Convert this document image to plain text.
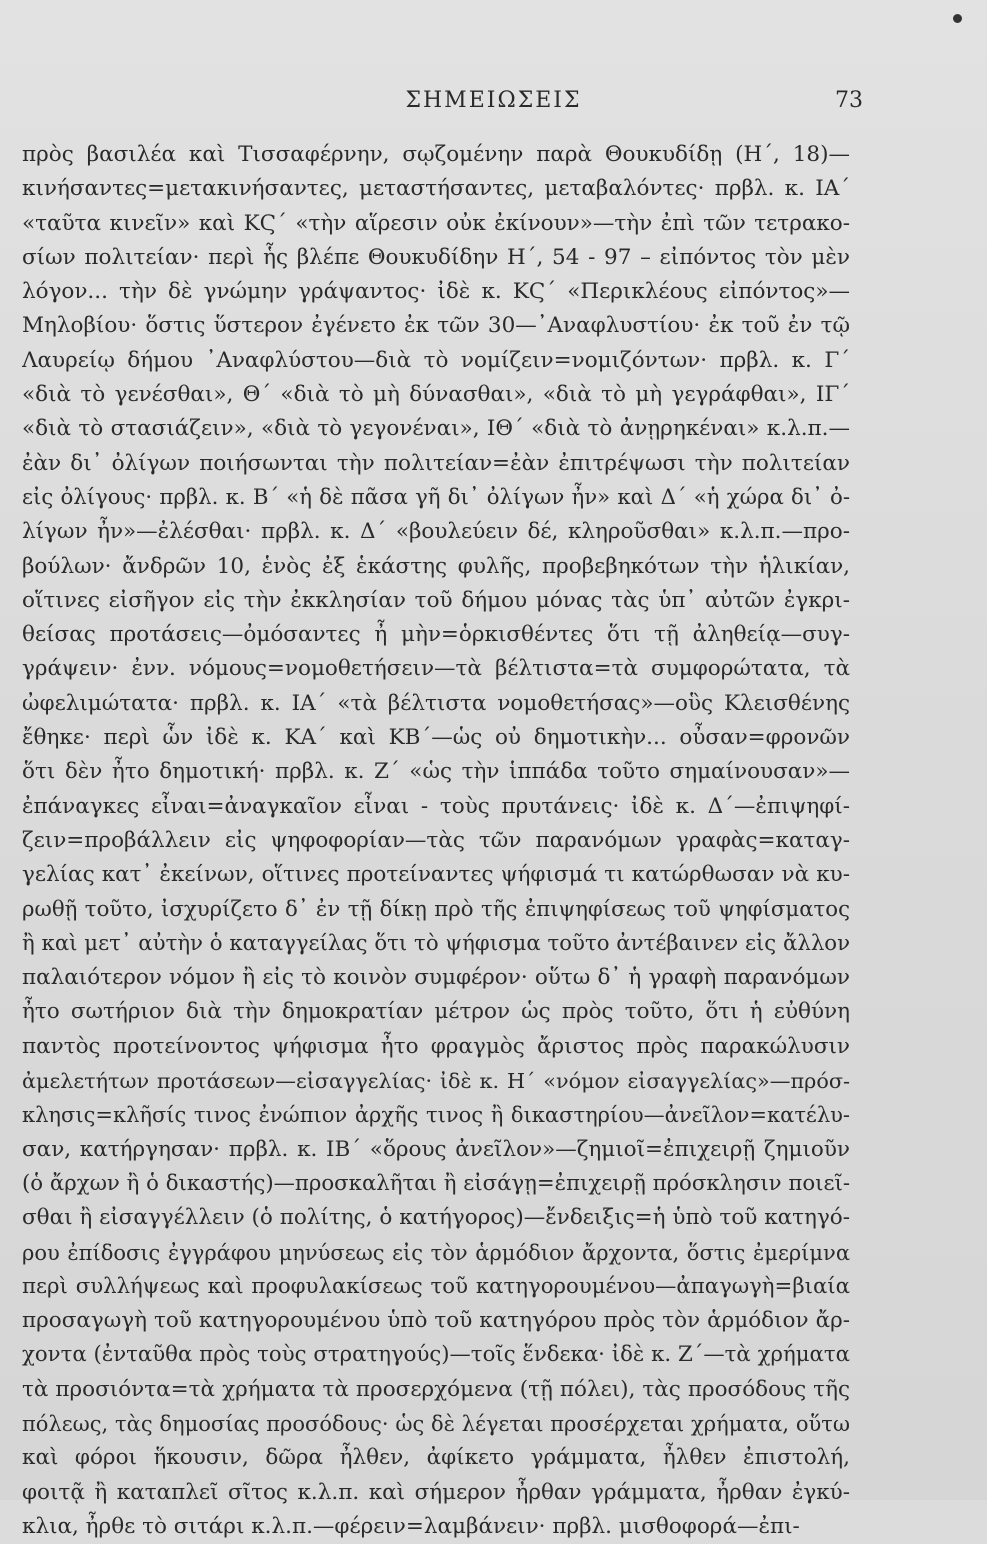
ΣΗΜΕΙΩΣΕΙΣ	73
πρὸς βασιλέα καὶ Τισσαφέρνην, σῳζομένην παρὰ Θουκυδίδῃ (Η΄, 18)—
κινήσαντες=μετακινήσαντες, μεταστήσαντες, μεταβαλόντες· πρβλ. κ. ΙΑ΄
«ταῦτα κινεῖν» καὶ ΚϚ΄ «τὴν αἵρεσιν οὐκ ἐκίνουν»—τὴν ἐπὶ τῶν τετρακο-
σίων πολιτείαν· περὶ ἧς βλέπε Θουκυδίδην Η΄, 54 - 97 – εἰπόντος τὸν μὲν
λόγον... τὴν δὲ γνώμην γράψαντος· ἰδὲ κ. ΚϚ΄ «Περικλέους εἰπόντος»—
Μηλοβίου· ὅστις ὕστερον ἐγένετο ἐκ τῶν 30—᾿Αναφλυστίου· ἐκ τοῦ ἐν τῷ
Λαυρείῳ δήμου ᾿Αναφλύστου—διὰ τὸ νομίζειν=νομιζόντων· πρβλ. κ. Γ΄
«διὰ τὸ γενέσθαι», Θ΄ «διὰ τὸ μὴ δύνασθαι», «διὰ τὸ μὴ γεγράφθαι», ΙΓ΄
«διὰ τὸ στασιάζειν», «διὰ τὸ γεγονέναι», ΙΘ΄ «διὰ τὸ ἀνῃρηκέναι» κ.λ.π.—
ἐὰν δι᾿ ὀλίγων ποιήσωνται τὴν πολιτείαν=ἐὰν ἐπιτρέψωσι τὴν πολιτείαν
εἰς ὀλίγους· πρβλ. κ. Β΄ «ἡ δὲ πᾶσα γῆ δι᾿ ὀλίγων ἦν» καὶ Δ΄ «ἡ χώρα δι᾿ ὀ-
λίγων ἦν»—ἐλέσθαι· πρβλ. κ. Δ΄ «βουλεύειν δέ, κληροῦσθαι» κ.λ.π.—προ-
βούλων· ἄνδρῶν 10, ἑνὸς ἐξ ἑκάστης φυλῆς, προβεβηκότων τὴν ἡλικίαν,
οἵτινες εἰσῆγον εἰς τὴν ἐκκλησίαν τοῦ δήμου μόνας τὰς ὑπ᾿ αὐτῶν ἐγκρι-
θείσας προτάσεις—ὀμόσαντες ἦ μὴν=ὁρκισθέντες ὅτι τῇ ἀληθείᾳ—συγ-
γράψειν· ἐνν. νόμους=νομοθετήσειν—τὰ βέλτιστα=τὰ συμφορώτατα, τὰ
ὠφελιμώτατα· πρβλ. κ. ΙΑ΄ «τὰ βέλτιστα νομοθετήσας»—οὓς Κλεισθένης
ἔθηκε· περὶ ὧν ἰδὲ κ. ΚΑ΄ καὶ ΚΒ΄—ὡς οὐ δημοτικὴν... οὖσαν=φρονῶν
ὅτι δὲν ἦτο δημοτική· πρβλ. κ. Ζ΄ «ὡς τὴν ἱππάδα τοῦτο σημαίνουσαν»—
ἐπάναγκες εἶναι=ἀναγκαῖον εἶναι - τοὺς πρυτάνεις· ἰδὲ κ. Δ΄—ἐπιψηφί-
ζειν=προβάλλειν εἰς ψηφοφορίαν—τὰς τῶν παρανόμων γραφὰς=καταγ-
γελίας κατ᾿ ἐκείνων, οἵτινες προτείναντες ψήφισμά τι κατώρθωσαν νὰ κυ-
ρωθῇ τοῦτο, ἰσχυρίζετο δ᾿ ἐν τῇ δίκῃ πρὸ τῆς ἐπιψηφίσεως τοῦ ψηφίσματος
ἢ καὶ μετ᾿ αὐτὴν ὁ καταγγείλας ὅτι τὸ ψήφισμα τοῦτο ἀντέβαινεν εἰς ἄλλον
παλαιότερον νόμον ἢ εἰς τὸ κοινὸν συμφέρον· οὕτω δ᾿ ἡ γραφὴ παρανόμων
ἦτο σωτήριον διὰ τὴν δημοκρατίαν μέτρον ὡς πρὸς τοῦτο, ὅτι ἡ εὐθύνη
παντὸς προτείνοντος ψήφισμα ἦτο φραγμὸς ἄριστος πρὸς παρακώλυσιν
ἀμελετήτων προτάσεων—εἰσαγγελίας· ἰδὲ κ. Η΄ «νόμον εἰσαγγελίας»—πρόσ-
κλησις=κλῆσίς τινος ἐνώπιον ἀρχῆς τινος ἢ δικαστηρίου—ἀνεῖλον=κατέλυ-
σαν, κατήργησαν· πρβλ. κ. ΙΒ΄ «ὅρους ἀνεῖλον»—ζημιοῖ=ἐπιχειρῇ ζημιοῦν
(ὁ ἄρχων ἢ ὁ δικαστής)—προσκαλῆται ἢ εἰσάγῃ=ἐπιχειρῇ πρόσκλησιν ποιεῖ-
σθαι ἢ εἰσαγγέλλειν (ὁ πολίτης, ὁ κατήγορος)—ἔνδειξις=ἡ ὑπὸ τοῦ κατηγό-
ρου ἐπίδοσις ἐγγράφου μηνύσεως εἰς τὸν ἁρμόδιον ἄρχοντα, ὅστις ἐμερίμνα
περὶ συλλήψεως καὶ προφυλακίσεως τοῦ κατηγορουμένου—ἀπαγωγὴ=βιαία
προσαγωγὴ τοῦ κατηγορουμένου ὑπὸ τοῦ κατηγόρου πρὸς τὸν ἁρμόδιον ἄρ-
χοντα (ἐνταῦθα πρὸς τοὺς στρατηγούς)—τοῖς ἕνδεκα· ἰδὲ κ. Ζ΄—τὰ χρήματα
τὰ προσιόντα=τὰ χρήματα τὰ προσερχόμενα (τῇ πόλει), τὰς προσόδους τῆς
πόλεως, τὰς δημοσίας προσόδους· ὡς δὲ λέγεται προσέρχεται χρήματα, οὕτω
καὶ φόροι ἥκουσιν, δῶρα ἦλθεν, ἀφίκετο γράμματα, ἦλθεν ἐπιστολή,
φοιτᾷ ἢ καταπλεῖ σῖτος κ.λ.π. καὶ σήμερον ἦρθαν γράμματα, ἦρθαν ἐγκύ-
κλια, ἦρθε τὸ σιτάρι κ.λ.π.—φέρειν=λαμβάνειν· πρβλ. μισθοφορά—ἐπι-
